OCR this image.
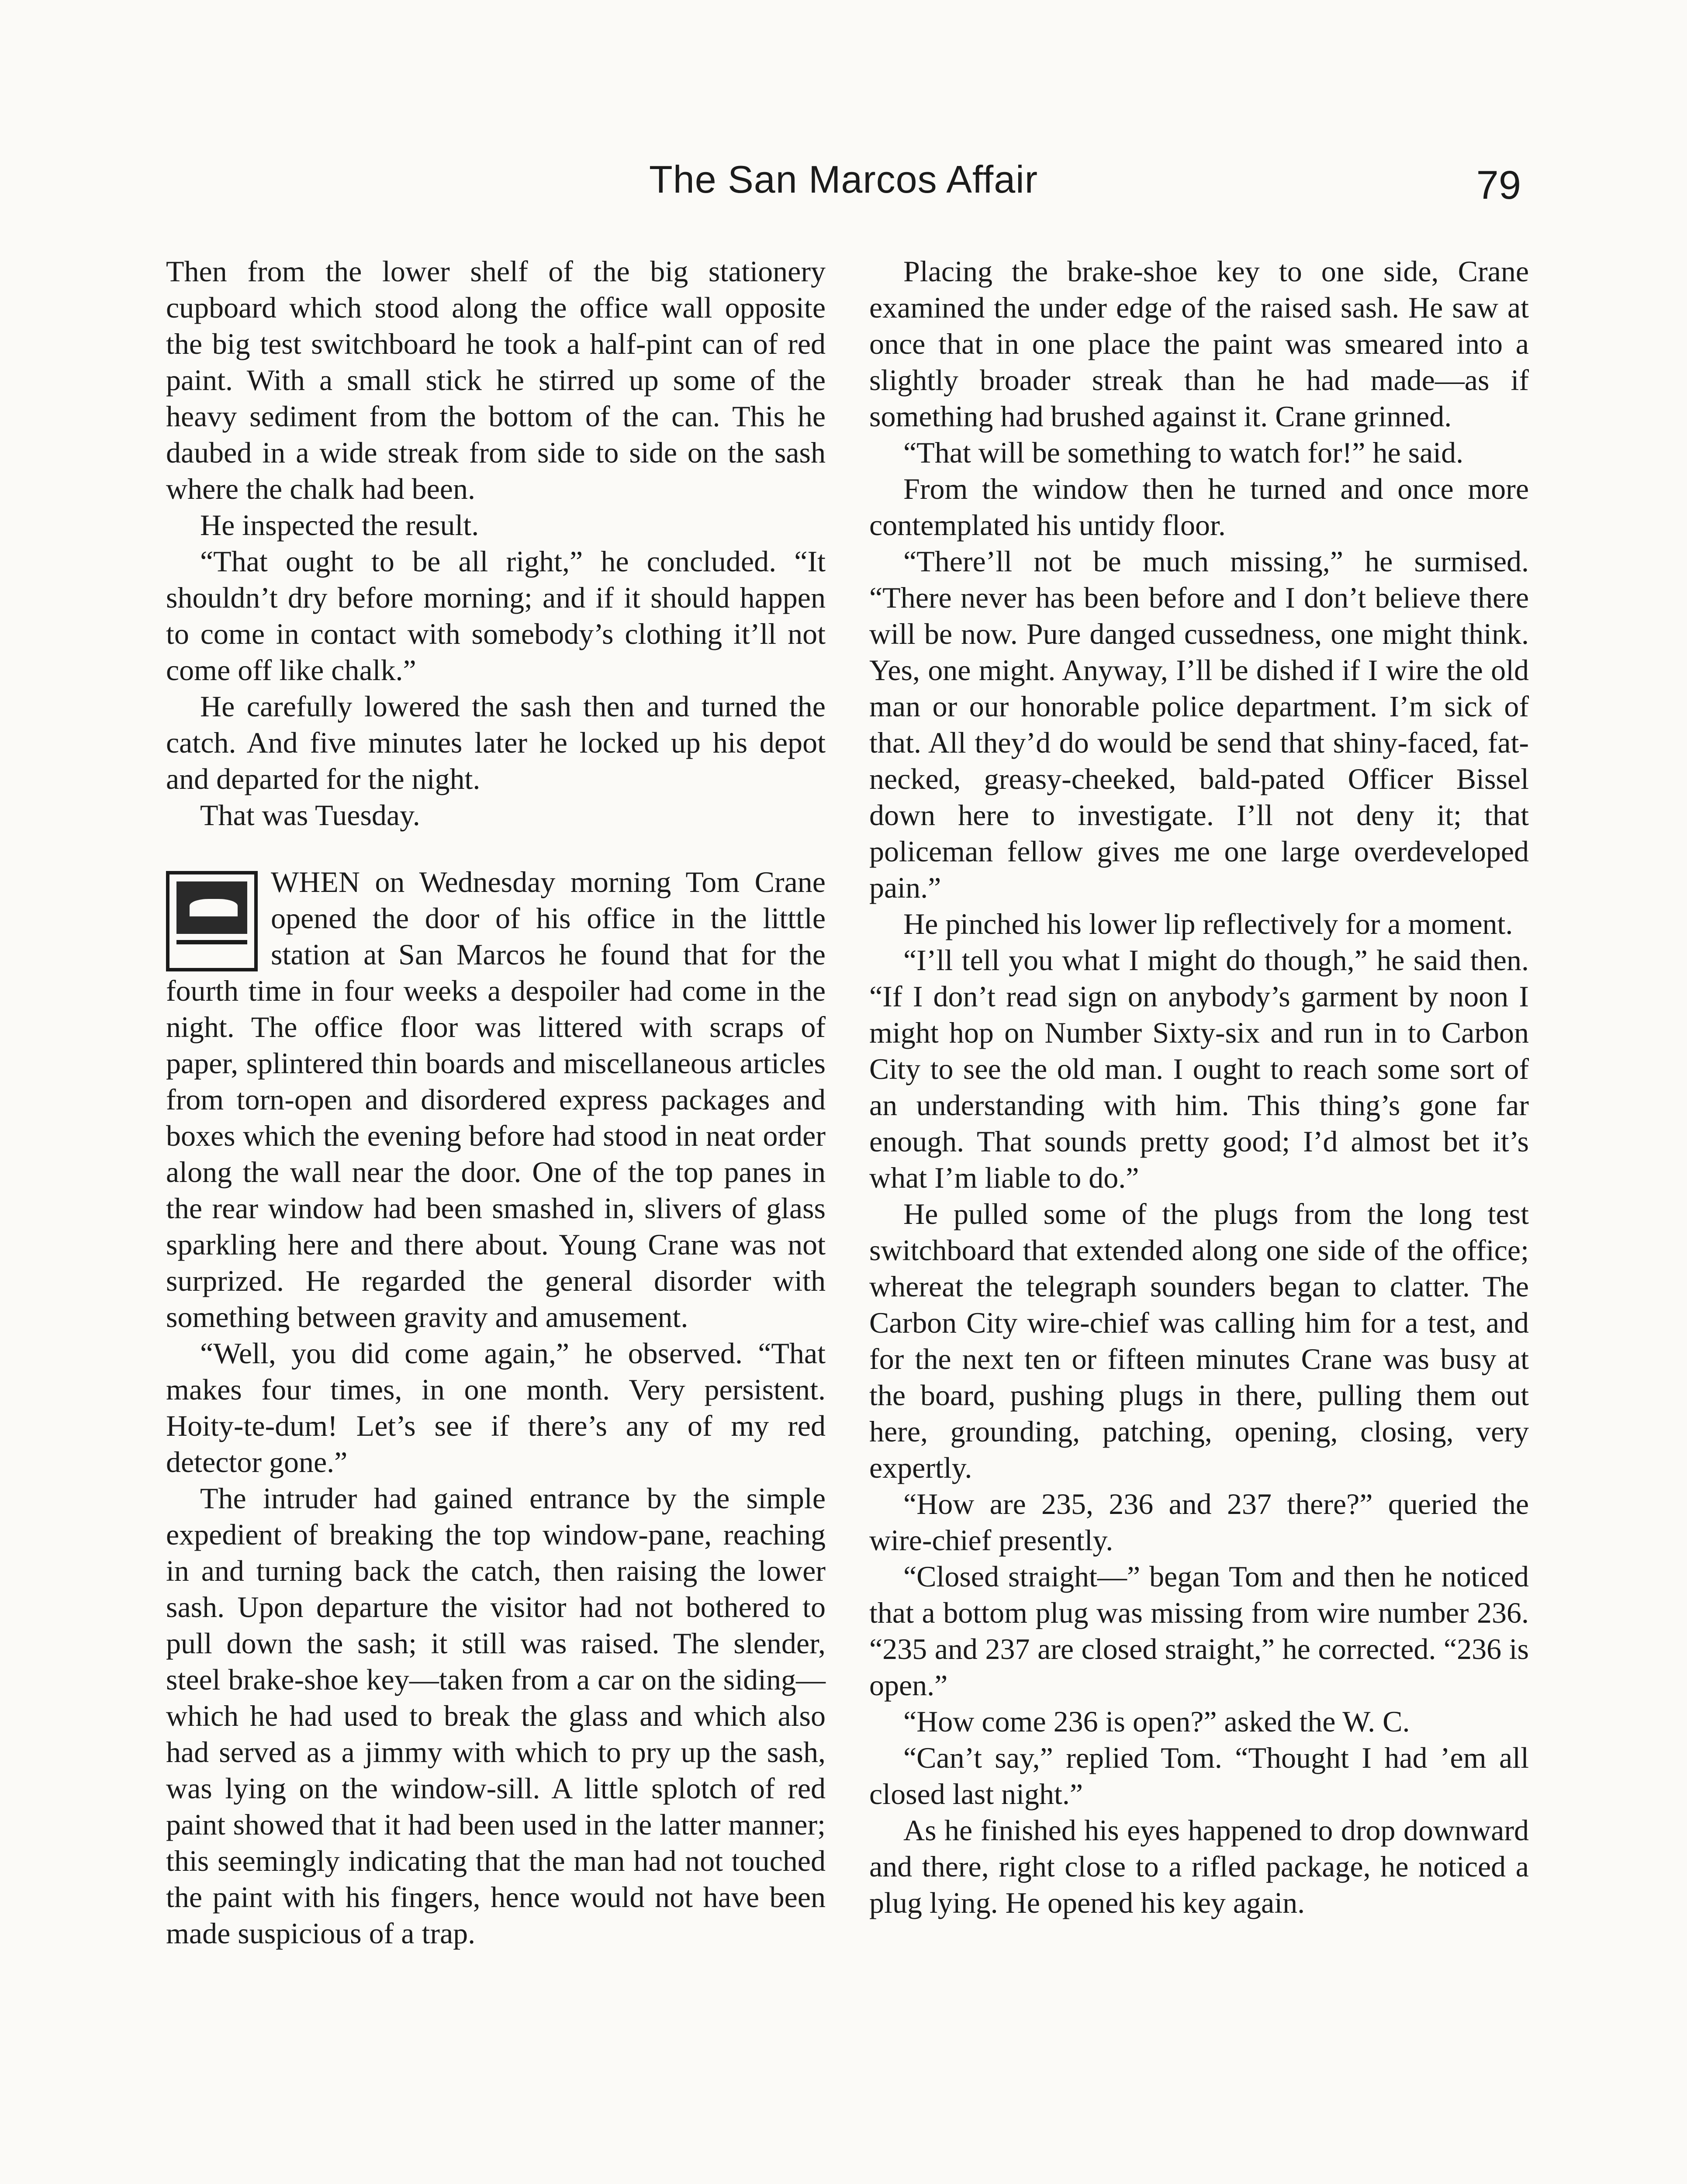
The San Marcos Affair	79

Then from the lower shelf of the big stationery cupboard which stood along the office wall opposite the big test switchboard he took a half-pint can of red paint. With a small stick he stirred up some of the heavy sediment from the bottom of the can. This he daubed in a wide streak from side to side on the sash where the chalk had been.

He inspected the result.

“That ought to be all right,” he concluded. “It shouldn’t dry before morning; and if it should happen to come in contact with somebody’s clothing it’ll not come off like chalk.”

He carefully lowered the sash then and turned the catch. And five minutes later he locked up his depot and departed for the night.

That was Tuesday.

WHEN on Wednesday morning Tom Crane opened the door of his office in the litttle station at San Marcos he found that for the fourth time in four weeks a despoiler had come in the night. The office floor was littered with scraps of paper, splintered thin boards and miscellaneous articles from torn-open and disordered express packages and boxes which the evening before had stood in neat order along the wall near the door. One of the top panes in the rear window had been smashed in, slivers of glass sparkling here and there about. Young Crane was not surprized. He regarded the general disorder with something between gravity and amusement.

“Well, you did come again,” he observed. “That makes four times, in one month. Very persistent. Hoity-te-dum! Let’s see if there’s any of my red detector gone.”

The intruder had gained entrance by the simple expedient of breaking the top window-pane, reaching in and turning back the catch, then raising the lower sash. Upon departure the visitor had not bothered to pull down the sash; it still was raised. The slender, steel brake-shoe key—taken from a car on the siding—which he had used to break the glass and which also had served as a jimmy with which to pry up the sash, was lying on the window-sill. A little splotch of red paint showed that it had been used in the latter manner; this seemingly indicating that the man had not touched the paint with his fingers, hence would not have been made suspicious of a trap.

Placing the brake-shoe key to one side, Crane examined the under edge of the raised sash. He saw at once that in one place the paint was smeared into a slightly broader streak than he had made—as if something had brushed against it. Crane grinned.

“That will be something to watch for!” he said.

From the window then he turned and once more contemplated his untidy floor.

“There’ll not be much missing,” he surmised. “There never has been before and I don’t believe there will be now. Pure danged cussedness, one might think. Yes, one might. Anyway, I’ll be dished if I wire the old man or our honorable police department. I’m sick of that. All they’d do would be send that shiny-faced, fat-necked, greasy-cheeked, bald-pated Officer Bissel down here to investigate. I’ll not deny it; that policeman fellow gives me one large overdeveloped pain.”

He pinched his lower lip reflectively for a moment.

“I’ll tell you what I might do though,” he said then. “If I don’t read sign on anybody’s garment by noon I might hop on Number Sixty-six and run in to Carbon City to see the old man. I ought to reach some sort of an understanding with him. This thing’s gone far enough. That sounds pretty good; I’d almost bet it’s what I’m liable to do.”

He pulled some of the plugs from the long test switchboard that extended along one side of the office; whereat the telegraph sounders began to clatter. The Carbon City wire-chief was calling him for a test, and for the next ten or fifteen minutes Crane was busy at the board, pushing plugs in there, pulling them out here, grounding, patching, opening, closing, very expertly.

“How are 235, 236 and 237 there?” queried the wire-chief presently.

“Closed straight—” began Tom and then he noticed that a bottom plug was missing from wire number 236. “235 and 237 are closed straight,” he corrected. “236 is open.”

“How come 236 is open?” asked the W. C.

“Can’t say,” replied Tom. “Thought I had ’em all closed last night.”

As he finished his eyes happened to drop downward and there, right close to a rifled package, he noticed a plug lying. He opened his key again.
